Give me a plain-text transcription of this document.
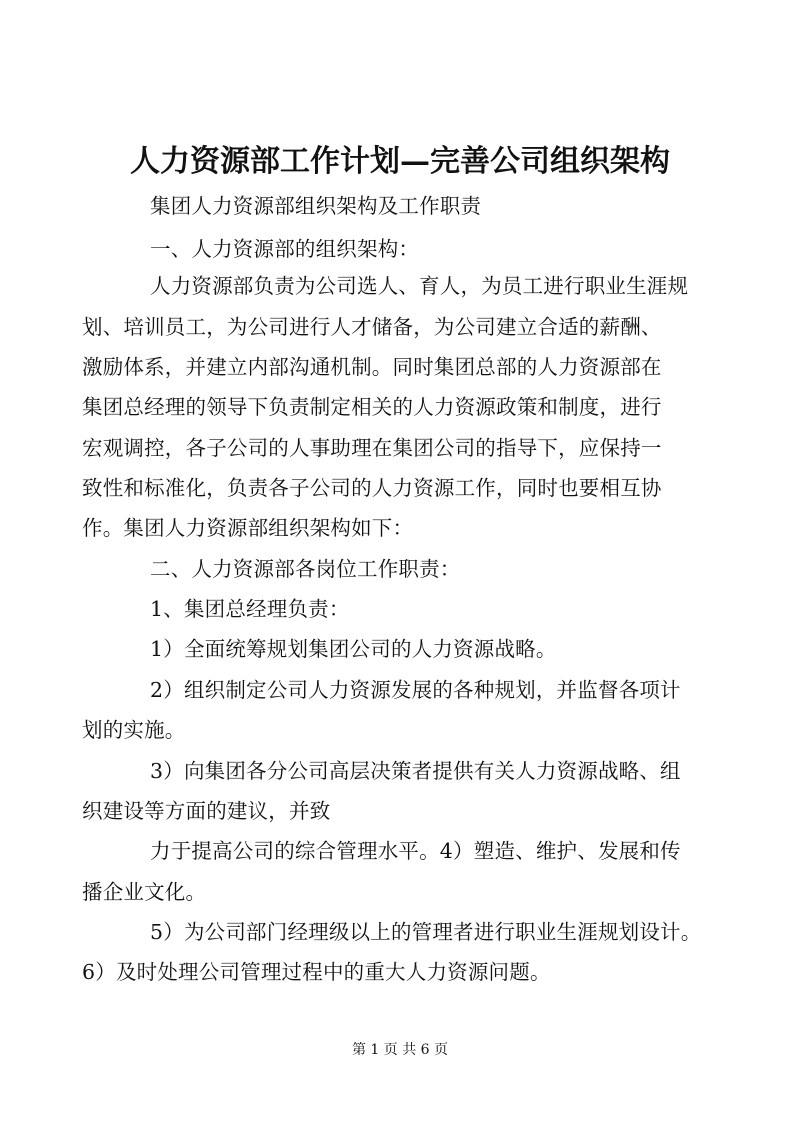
人力资源部工作计划—完善公司组织架构
集团人力资源部组织架构及工作职责
一、人力资源部的组织架构：
人力资源部负责为公司选人、育人，为员工进行职业生涯规
划、培训员工，为公司进行人才储备，为公司建立合适的薪酬、
激励体系，并建立内部沟通机制。同时集团总部的人力资源部在
集团总经理的领导下负责制定相关的人力资源政策和制度，进行
宏观调控，各子公司的人事助理在集团公司的指导下，应保持一
致性和标准化，负责各子公司的人力资源工作，同时也要相互协
作。集团人力资源部组织架构如下：
二、人力资源部各岗位工作职责：
1、集团总经理负责：
1）全面统筹规划集团公司的人力资源战略。
2）组织制定公司人力资源发展的各种规划，并监督各项计
划的实施。
3）向集团各分公司高层决策者提供有关人力资源战略、组
织建设等方面的建议，并致
力于提高公司的综合管理水平。4）塑造、维护、发展和传
播企业文化。
5）为公司部门经理级以上的管理者进行职业生涯规划设计。
6）及时处理公司管理过程中的重大人力资源问题。
第 1 页 共 6 页
